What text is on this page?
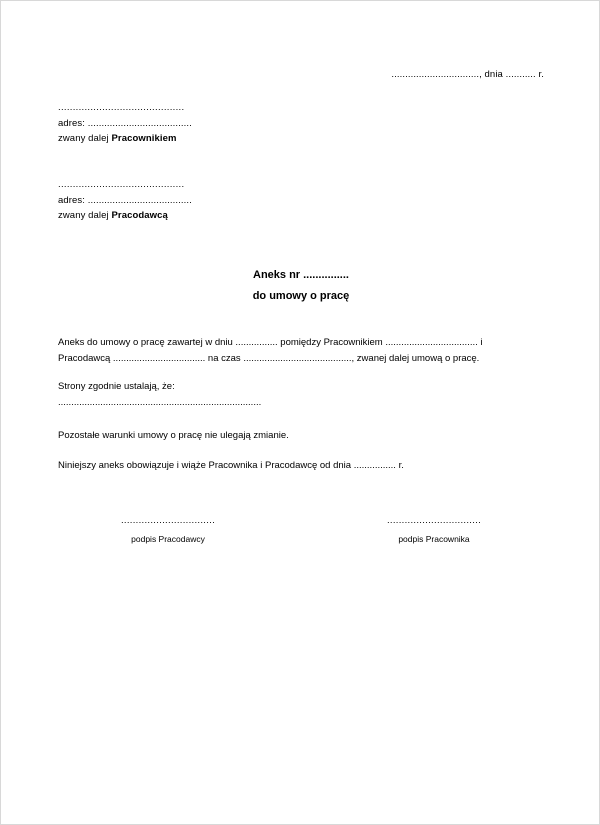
................................, dnia ........... r.
...........................................
adres: ......................................
zwany dalej Pracownikiem
...........................................
adres: ......................................
zwany dalej Pracodawcą
Aneks nr ...............
do umowy o pracę
Aneks do umowy o pracę zawartej w dniu ................ pomiędzy Pracownikiem ................................... i
Pracodawcą ................................... na czas ........................................., zwanej dalej umową o pracę.
Strony zgodnie ustalają, że:
.............................................................................
Pozostałe warunki umowy o pracę nie ulegają zmianie.
Niniejszy aneks obowiązuje i wiąże Pracownika i Pracodawcę od dnia ................ r.
................................
podpis Pracodawcy
................................
podpis Pracownika
